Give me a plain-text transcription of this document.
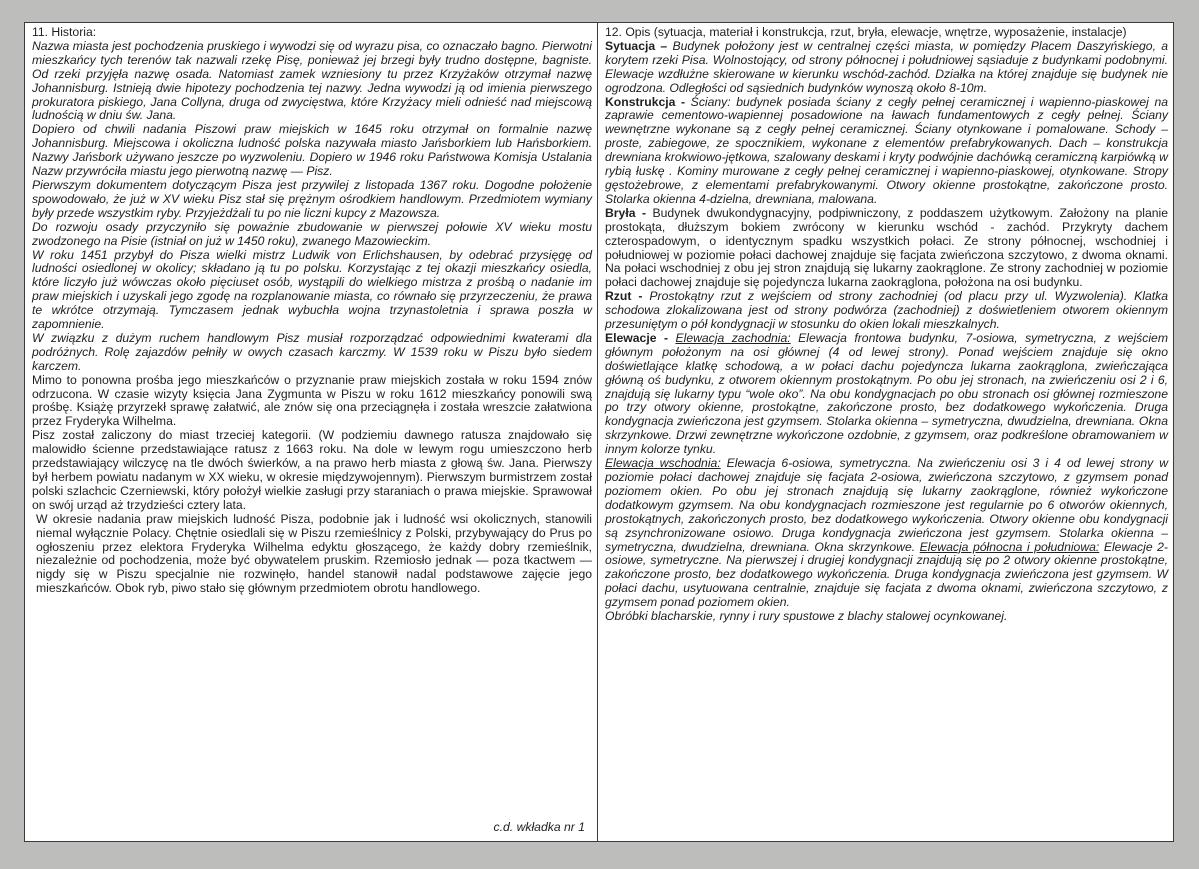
11. Historia:

Nazwa miasta jest pochodzenia pruskiego i wywodzi się od wyrazu pisa, co oznaczało bagno. Pierwotni mieszkańcy tych terenów tak nazwali rzekę Pisę, ponieważ jej brzegi były trudno dostępne, bagniste. Od rzeki przyjęła nazwę osada. Natomiast zamek wzniesiony tu przez Krzyżaków otrzymał nazwę Johannisburg. Istnieją dwie hipotezy pochodzenia tej nazwy. Jedna wywodzi ją od imienia pierwszego prokuratora piskiego, Jana Collyna, druga od zwycięstwa, które Krzyżacy mieli odnieść nad miejscową ludnością w dniu św. Jana.

Dopiero od chwili nadania Piszowi praw miejskich w 1645 roku otrzymał on formalnie nazwę Johannisburg. Miejscowa i okoliczna ludność polska nazywała miasto Jańsborkiem lub Hańsborkiem. Nazwy Jańsbork używano jeszcze po wyzwoleniu. Dopiero w 1946 roku Państwowa Komisja Ustalania Nazw przywróciła miastu jego pierwotną nazwę — Pisz.

Pierwszym dokumentem dotyczącym Pisza jest przywilej z listopada 1367 roku. Dogodne położenie spowodowało, że już w XV wieku Pisz stał się prężnym ośrodkiem handlowym. Przedmiotem wymiany były przede wszystkim ryby. Przyjeżdżali tu po nie liczni kupcy z Mazowsza.

Do rozwoju osady przyczyniło się poważnie zbudowanie w pierwszej połowie XV wieku mostu zwodzonego na Pisie (istniał on już w 1450 roku), zwanego Mazowieckim.

W roku 1451 przybył do Pisza wielki mistrz Ludwik von Erlichshausen, by odebrać przysięgę od ludności osiedlonej w okolicy; składano ją tu po polsku. Korzystając z tej okazji mieszkańcy osiedla, które liczyło już wówczas około pięciuset osób, wystąpili do wielkiego mistrza z prośbą o nadanie im praw miejskich i uzyskali jego zgodę na rozplanowanie miasta, co równało się przyrzeczeniu, że prawa te wkrótce otrzymają. Tymczasem jednak wybuchła wojna trzynastoletnia i sprawa poszła w zapomnienie.

W związku z dużym ruchem handlowym Pisz musiał rozporządzać odpowiednimi kwaterami dla podróżnych. Rolę zajazdów pełniły w owych czasach karczmy. W 1539 roku w Piszu było siedem karczem.

Mimo to ponowna prośba jego mieszkańców o przyznanie praw miejskich została w roku 1594 znów odrzucona. W czasie wizyty księcia Jana Zygmunta w Piszu w roku 1612 mieszkańcy ponowili swą prośbę. Książę przyrzekł sprawę załatwić, ale znów się ona przeciągnęła i została wreszcie załatwiona przez Fryderyka Wilhelma.

Pisz został zaliczony do miast trzeciej kategorii. (W podziemiu dawnego ratusza znajdowało się malowidło ścienne przedstawiające ratusz z 1663 roku. Na dole w lewym rogu umieszczono herb przedstawiający wilczycę na tle dwóch świerków, a na prawo herb miasta z głową św. Jana. Pierwszy był herbem powiatu nadanym w XX wieku, w okresie międzywojennym). Pierwszym burmistrzem został polski szlachcic Czerniewski, który położył wielkie zasługi przy staraniach o prawa miejskie. Sprawował on swój urząd aż trzydzieści cztery lata.

W okresie nadania praw miejskich ludność Pisza, podobnie jak i ludność wsi okolicznych, stanowili niemal wyłącznie Polacy. Chętnie osiedlali się w Piszu rzemieślnicy z Polski, przybywający do Prus po ogłoszeniu przez elektora Fryderyka Wilhelma edyktu głoszącego, że każdy dobry rzemieślnik, niezależnie od pochodzenia, może być obywatelem pruskim. Rzemiosło jednak — poza tkactwem — nigdy się w Piszu specjalnie nie rozwinęło, handel stanowił nadal podstawowe zajęcie jego mieszkańców. Obok ryb, piwo stało się głównym przedmiotem obrotu handlowego.

c.d. wkładka nr 1

12. Opis (sytuacja, materiał i konstrukcja, rzut, bryła, elewacje, wnętrze, wyposażenie, instalacje)

Sytuacja – Budynek położony jest w centralnej części miasta, w pomiędzy Placem Daszyńskiego, a korytem rzeki Pisa. Wolnostojący, od strony północnej i południowej sąsiaduje z budynkami podobnymi. Elewacje wzdłużne skierowane w kierunku wschód-zachód. Działka na której znajduje się budynek nie ogrodzona. Odległości od sąsiednich budynków wynoszą około 8-10m.

Konstrukcja - Ściany: budynek posiada ściany z cegły pełnej ceramicznej i wapienno-piaskowej na zaprawie cementowo-wapiennej posadowione na ławach fundamentowych z cegły pełnej. Ściany wewnętrzne wykonane są z cegły pełnej ceramicznej. Ściany otynkowane i pomalowane. Schody – proste, zabiegowe, ze spocznikiem, wykonane z elementów prefabrykowanych. Dach – konstrukcja drewniana krokwiowo-jętkowa, szalowany deskami i kryty podwójnie dachówką ceramiczną karpiówką w rybią łuskę . Kominy murowane z cegły pełnej ceramicznej i wapienno-piaskowej, otynkowane. Stropy gęstożebrowe, z elementami prefabrykowanymi. Otwory okienne prostokątne, zakończone prosto. Stolarka okienna 4-dzielna, drewniana, malowana.

Bryła - Budynek dwukondygnacyjny, podpiwniczony, z poddaszem użytkowym. Założony na planie prostokąta, dłuższym bokiem zwrócony w kierunku wschód - zachód. Przykryty dachem czterospadowym, o identycznym spadku wszystkich połaci. Ze strony północnej, wschodniej i południowej w poziomie połaci dachowej znajduje się facjata zwieńczona szczytowo, z dwoma oknami. Na połaci wschodniej z obu jej stron znajdują się lukarny zaokrąglone. Ze strony zachodniej w poziomie połaci dachowej znajduje się pojedyncza lukarna zaokrąglona, położona na osi budynku.

Rzut - Prostokątny rzut z wejściem od strony zachodniej (od placu przy ul. Wyzwolenia). Klatka schodowa zlokalizowana jest od strony podwórza (zachodniej) z doświetleniem otworem okiennym przesuniętym o pół kondygnacji w stosunku do okien lokali mieszkalnych.

Elewacje - Elewacja zachodnia: Elewacja frontowa budynku, 7-osiowa, symetryczna, z wejściem głównym położonym na osi głównej (4 od lewej strony). Ponad wejściem znajduje się okno doświetlające klatkę schodową, a w połaci dachu pojedyncza lukarna zaokrąglona, zwieńczająca główną oś budynku, z otworem okiennym prostokątnym. Po obu jej stronach, na zwieńczeniu osi 2 i 6, znajdują się lukarny typu “wole oko”. Na obu kondygnacjach po obu stronach osi głównej rozmieszone po trzy otwory okienne, prostokątne, zakończone prosto, bez dodatkowego wykończenia. Druga kondygnacja zwieńczona jest gzymsem. Stolarka okienna – symetryczna, dwudzielna, drewniana. Okna skrzynkowe. Drzwi zewnętrzne wykończone ozdobnie, z gzymsem, oraz podkreślone obramowaniem w innym kolorze tynku.
Elewacja wschodnia: Elewacja 6-osiowa, symetryczna. Na zwieńczeniu osi 3 i 4 od lewej strony w poziomie połaci dachowej znajduje się facjata 2-osiowa, zwieńczona szczytowo, z gzymsem ponad poziomem okien. Po obu jej stronach znajdują się lukarny zaokrąglone, również wykończone dodatkowym gzymsem. Na obu kondygnacjach rozmieszone jest regularnie po 6 otworów okiennych, prostokątnych, zakończonych prosto, bez dodatkowego wykończenia. Otwory okienne obu kondygnacji są zsynchronizowane osiowo. Druga kondygnacja zwieńczona jest gzymsem. Stolarka okienna – symetryczna, dwudzielna, drewniana. Okna skrzynkowe. Elewacja północna i południowa: Elewacje 2-osiowe, symetryczne. Na pierwszej i drugiej kondygnacji znajdują się po 2 otwory okienne prostokątne, zakończone prosto, bez dodatkowego wykończenia. Druga kondygnacja zwieńczona jest gzymsem. W połaci dachu, usytuowana centralnie, znajduje się facjata z dwoma oknami, zwieńczona szczytowo, z gzymsem ponad poziomem okien.

Obróbki blacharskie, rynny i rury spustowe z blachy stalowej ocynkowanej.
